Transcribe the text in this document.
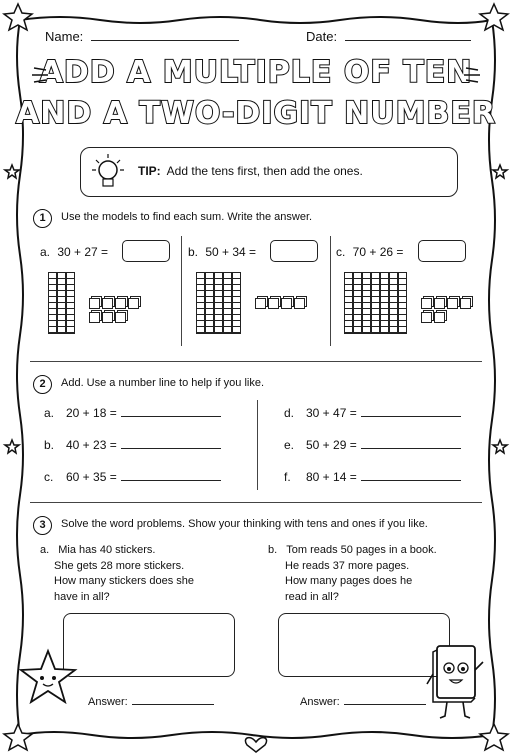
Name:	Date:
ADD A MULTIPLE OF TEN
AND A TWO-DIGIT NUMBER
TIP: Add the tens first, then add the ones.
1	Use the models to find each sum. Write the answer.
a. 30 + 27 =	b. 50 + 34 =	c. 70 + 26 =
2	Add. Use a number line to help if you like.
a. 20 + 18 =
b. 40 + 23 =
c. 60 + 35 =
d. 30 + 47 =
e. 50 + 29 =
f. 80 + 14 =
3	Solve the word problems. Show your thinking with tens and ones if you like.
a. Mia has 40 stickers.
She gets 28 more stickers.
How many stickers does she
have in all?
Answer:
b. Tom reads 50 pages in a book.
He reads 37 more pages.
How many pages does he
read in all?
Answer:
